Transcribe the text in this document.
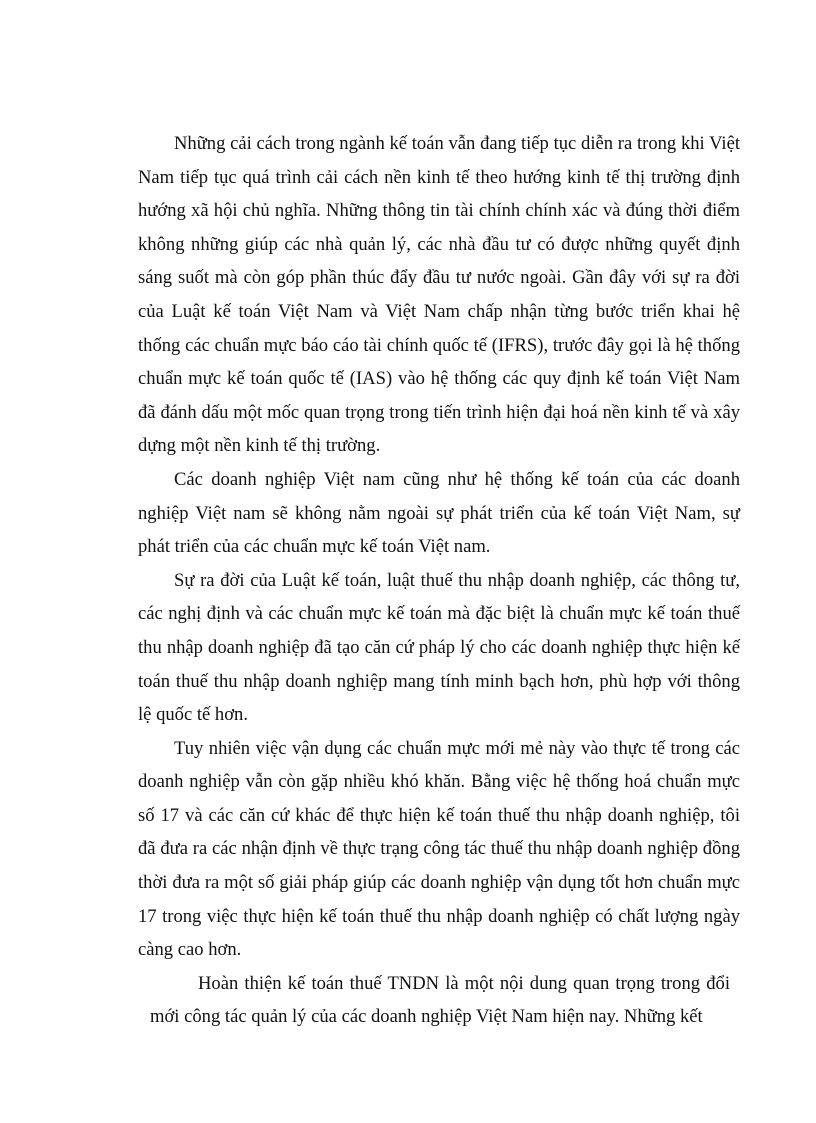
Những cải cách trong ngành kế toán vẫn đang tiếp tục diễn ra trong khi Việt Nam tiếp tục quá trình cải cách nền kinh tế theo hướng kinh tế thị trường định hướng xã hội chủ nghĩa. Những thông tin tài chính chính xác và đúng thời điểm không những giúp các nhà quản lý, các nhà đầu tư có được những quyết định sáng suốt mà còn góp phần thúc đẩy đầu tư nước ngoài. Gần đây với sự ra đời của Luật kế toán Việt Nam và Việt Nam chấp nhận từng bước triển khai hệ thống các chuẩn mực báo cáo tài chính quốc tế (IFRS), trước đây gọi là hệ thống chuẩn mực kế toán quốc tế (IAS) vào hệ thống các quy định kế toán Việt Nam đã đánh dấu một mốc quan trọng trong tiến trình hiện đại hoá nền kinh tế và xây dựng một nền kinh tế thị trường.

Các doanh nghiệp Việt nam cũng như hệ thống kế toán của các doanh nghiệp Việt nam sẽ không nằm ngoài sự phát triển của kế toán Việt Nam, sự phát triển của các chuẩn mực kế toán Việt nam.

Sự ra đời của Luật kế toán, luật thuế thu nhập doanh nghiệp, các thông tư, các nghị định và các chuẩn mực kế toán mà đặc biệt là chuẩn mực kế toán thuế thu nhập doanh nghiệp đã tạo căn cứ pháp lý cho các doanh nghiệp thực hiện kế toán thuế thu nhập doanh nghiệp mang tính minh bạch hơn, phù hợp với thông lệ quốc tế hơn.

Tuy nhiên việc vận dụng các chuẩn mực mới mẻ này vào thực tế trong các doanh nghiệp vẫn còn gặp nhiều khó khăn. Bằng việc hệ thống hoá chuẩn mực số 17 và các căn cứ khác để thực hiện kế toán thuế thu nhập doanh nghiệp, tôi đã đưa ra các nhận định về thực trạng công tác thuế thu nhập doanh nghiệp đồng thời đưa ra một số giải pháp giúp các doanh nghiệp vận dụng tốt hơn chuẩn mực 17 trong việc thực hiện kế toán thuế thu nhập doanh nghiệp có chất lượng ngày càng cao hơn.

Hoàn thiện kế toán thuế TNDN là một nội dung quan trọng trong đổi mới công tác quản lý của các doanh nghiệp Việt Nam hiện nay. Những kết
